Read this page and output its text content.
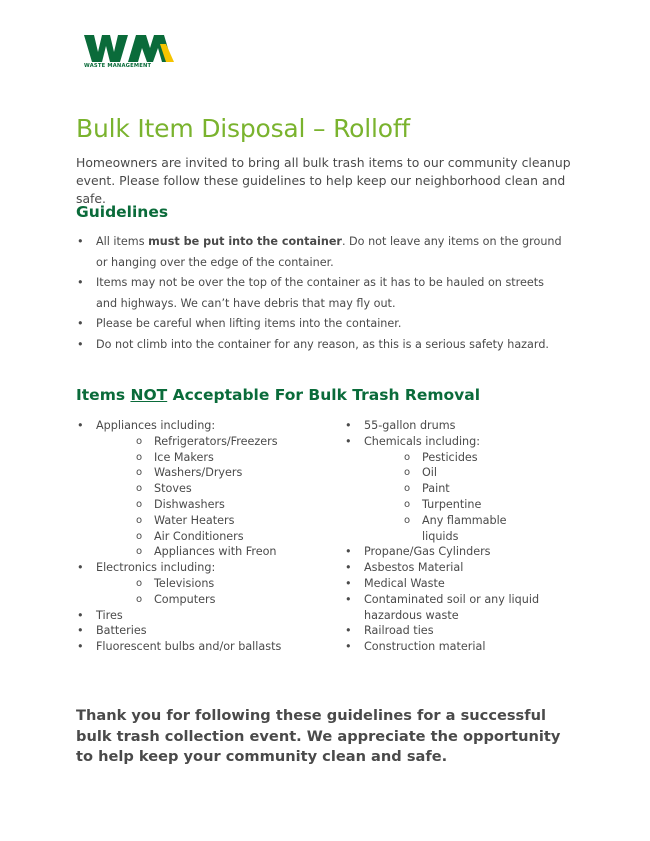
WASTE MANAGEMENT
Bulk Item Disposal – Rolloff

Homeowners are invited to bring all bulk trash items to our community cleanup event. Please follow these guidelines to help keep our neighborhood clean and safe.

Guidelines
• All items must be put into the container. Do not leave any items on the ground or hanging over the edge of the container.
• Items may not be over the top of the container as it has to be hauled on streets and highways. We can’t have debris that may fly out.
• Please be careful when lifting items into the container.
• Do not climb into the container for any reason, as this is a serious safety hazard.
Items NOT Acceptable For Bulk Trash Removal
• Appliances including:
o Refrigerators/Freezers
o Ice Makers
o Washers/Dryers
o Stoves
o Dishwashers
o Water Heaters
o Air Conditioners
o Appliances with Freon
• Electronics including:
o Televisions
o Computers
• Tires
• Batteries
• Fluorescent bulbs and/or ballasts
• 55-gallon drums
• Chemicals including:
o Pesticides
o Oil
o Paint
o Turpentine
o Any flammable liquids
• Propane/Gas Cylinders
• Asbestos Material
• Medical Waste
• Contaminated soil or any liquid hazardous waste
• Railroad ties
• Construction material

Thank you for following these guidelines for a successful bulk trash collection event. We appreciate the opportunity to help keep your community clean and safe.
